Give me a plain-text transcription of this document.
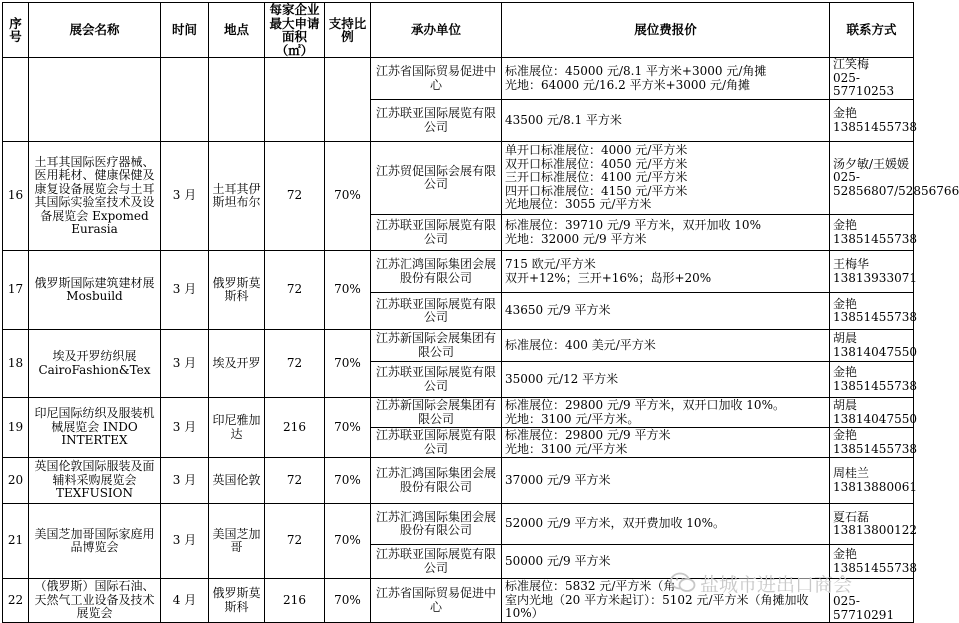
序号	展会名称	时间	地点	每家企业最大申请面积（㎡）	支持比例	承办单位	展位费报价	联系方式
						江苏省国际贸易促进中心	标准展位：45000 元/8.1 平方米+3000 元/角摊
光地：64000 元/16.2 平方米+3000 元/角摊	江笑梅
025-57710253
						江苏联亚国际展览有限公司	43500 元/8.1 平方米	金艳
13851455738
16	土耳其国际医疗器械、医用耗材、健康保健及康复设备展览会与土耳其国际实验室技术及设备展览会 Expomed Eurasia	3 月	土耳其伊斯坦布尔	72	70%	江苏贸促国际会展有限公司	单开口标准展位：4000 元/平方米
双开口标准展位：4050 元/平方米
三开口标准展位：4100 元/平方米
四开口标准展位：4150 元/平方米
光地展位：3055 元/平方米	汤夕敏/王媛媛
025-52856807/52856766
						江苏联亚国际展览有限公司	标准展位：39710 元/9 平方米，双开加收 10%
光地：32000 元/9 平方米	金艳
13851455738
17	俄罗斯国际建筑建材展 Mosbuild	3 月	俄罗斯莫斯科	72	70%	江苏汇鸿国际集团会展股份有限公司	715 欧元/平方米
双开+12%；三开+16%；岛形+20%	王梅华
13813933071
						江苏联亚国际展览有限公司	43650 元/9 平方米	金艳
13851455738
18	埃及开罗纺织展 CairoFashion&Tex	3 月	埃及开罗	72	70%	江苏新国际会展集团有限公司	标准展位：400 美元/平方米	胡晨
13814047550
						江苏联亚国际展览有限公司	35000 元/12 平方米	金艳
13851455738
19	印尼国际纺织及服装机械展览会 INDO INTERTEX	3 月	印尼雅加达	216	70%	江苏新国际会展集团有限公司	标准展位：29800 元/9 平方米，双开口加收 10%。
光地：3100 元/平方米。	胡晨
13814047550
						江苏联亚国际展览有限公司	标准展位：29800 元/9 平方米
光地：3100 元/平方米	金艳
13851455738
20	英国伦敦国际服装及面辅料采购展览会 TEXFUSION	3 月	英国伦敦	72	70%	江苏汇鸿国际集团会展股份有限公司	37000 元/9 平方米	周桂兰
13813880061
21	美国芝加哥国际家庭用品博览会	3 月	美国芝加哥	72	70%	江苏汇鸿国际集团会展股份有限公司	52000 元/9 平方米，双开费加收 10%。	夏石磊
13813800122
						江苏联亚国际展览有限公司	50000 元/9 平方米	金艳
13851455738
22	（俄罗斯）国际石油、天然气工业设备及技术展览会	4 月	俄罗斯莫斯科	216	70%	江苏省国际贸易促进中心	标准展位：5832 元/平方米（角
室内光地（20 平方米起订）：5102 元/平方米（角摊加收 10%）	025-57710291
盐城市进出口商会
